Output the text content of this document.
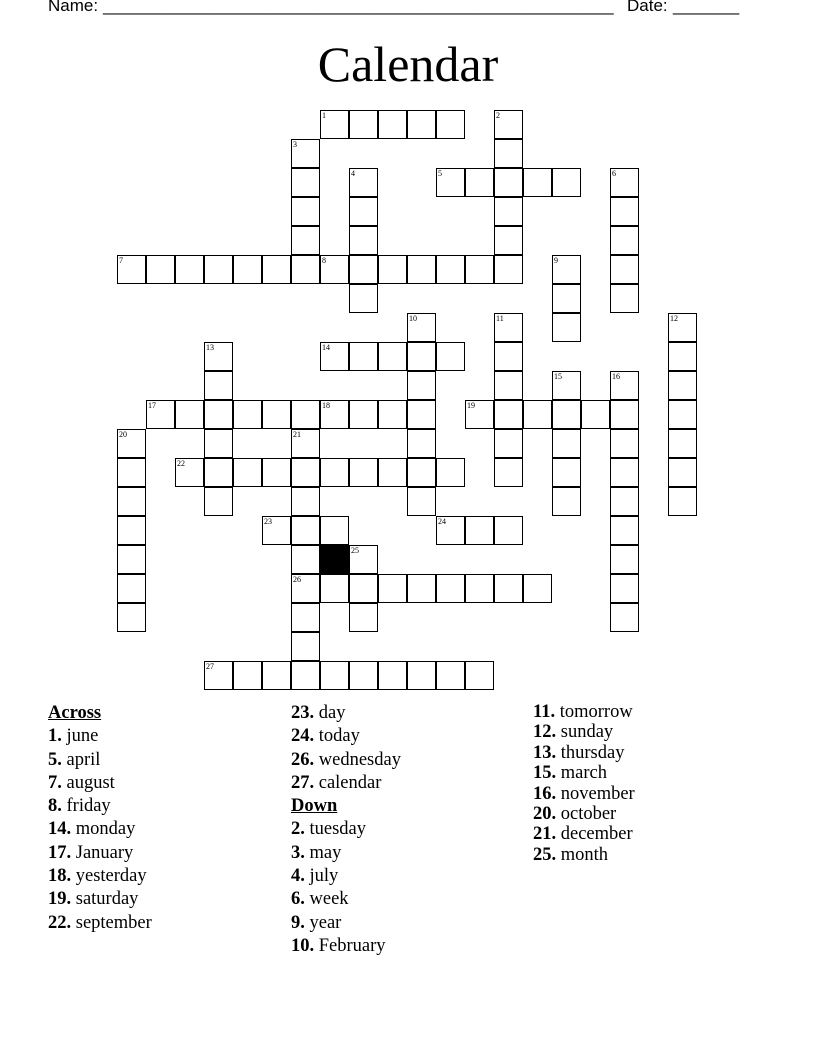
Name: ______________________________________________________ Date: _______
Calendar
1	2
3
4	5	6
7	8	9
10	11	12
13	14
15	16
17	18	19
20	21
26
22
23	24
25
27
Across
1. june
5. april
7. august
8. friday
14. monday
17. January
18. yesterday
19. saturday
22. september
23. day
24. today
26. wednesday
27. calendar
Down
2. tuesday
3. may
4. july
6. week
9. year
10. February
11. tomorrow
12. sunday
13. thursday
15. march
16. november
20. october
21. december
25. month
